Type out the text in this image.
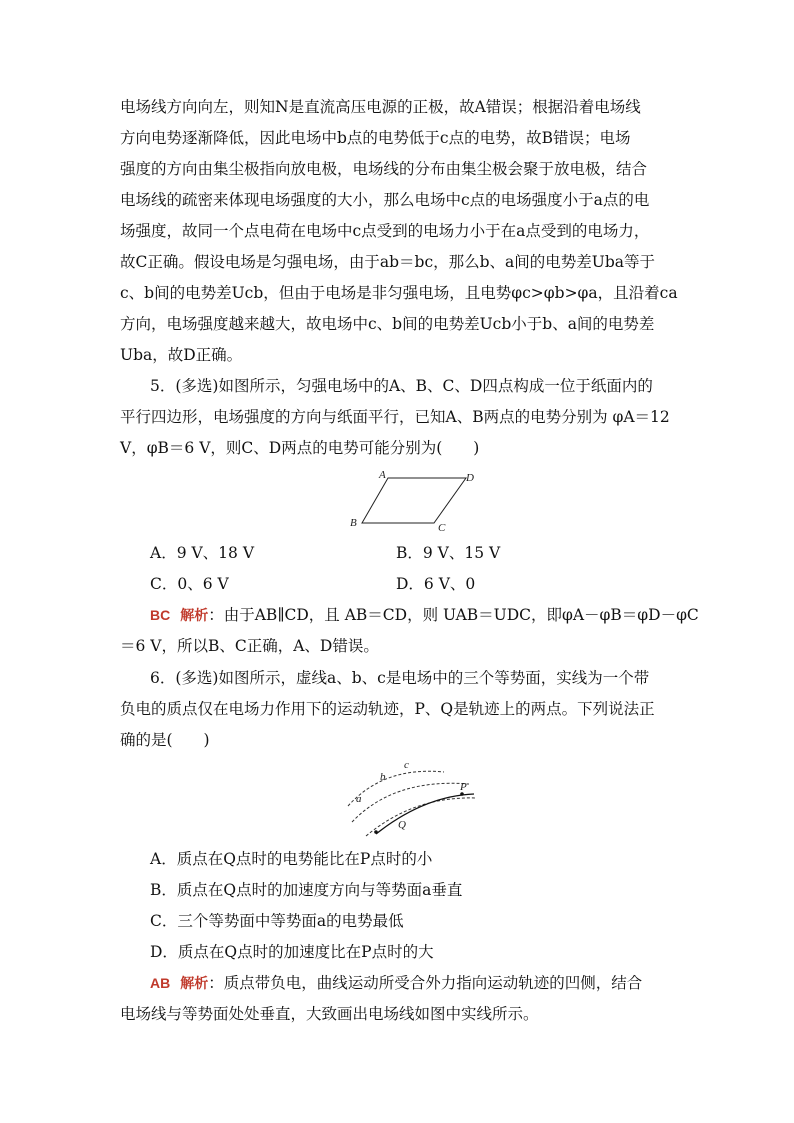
电场线方向向左，则知N是直流高压电源的正极，故A错误；根据沿着电场线
方向电势逐渐降低，因此电场中b点的电势低于c点的电势，故B错误；电场
强度的方向由集尘极指向放电极，电场线的分布由集尘极会聚于放电极，结合
电场线的疏密来体现电场强度的大小，那么电场中c点的电场强度小于a点的电
场强度，故同一个点电荷在电场中c点受到的电场力小于在a点受到的电场力，
故C正确。假设电场是匀强电场，由于ab＝bc，那么b、a间的电势差Uba等于
c、b间的电势差Ucb，但由于电场是非匀强电场，且电势φc>φb>φa，且沿着ca
方向，电场强度越来越大，故电场中c、b间的电势差Ucb小于b、a间的电势差
Uba，故D正确。
5．(多选)如图所示，匀强电场中的A、B、C、D四点构成一位于纸面内的
平行四边形，电场强度的方向与纸面平行，已知A、B两点的电势分别为 φA＝12
V，φB＝6 V，则C、D两点的电势可能分别为(　　)
A	D
B	C
A．9 V、18 V	B．9 V、15 V
C．0、6 V	D．6 V、0
BC 解析：由于AB∥CD，且 AB＝CD，则 UAB＝UDC，即φA－φB＝φD－φC
＝6 V，所以B、C正确，A、D错误。
6．(多选)如图所示，虚线a、b、c是电场中的三个等势面，实线为一个带
负电的质点仅在电场力作用下的运动轨迹，P、Q是轨迹上的两点。下列说法正
确的是(　　)
a
b
c
P
Q
A．质点在Q点时的电势能比在P点时的小
B．质点在Q点时的加速度方向与等势面a垂直
C．三个等势面中等势面a的电势最低
D．质点在Q点时的加速度比在P点时的大
AB 解析：质点带负电，曲线运动所受合外力指向运动轨迹的凹侧，结合
电场线与等势面处处垂直，大致画出电场线如图中实线所示。
